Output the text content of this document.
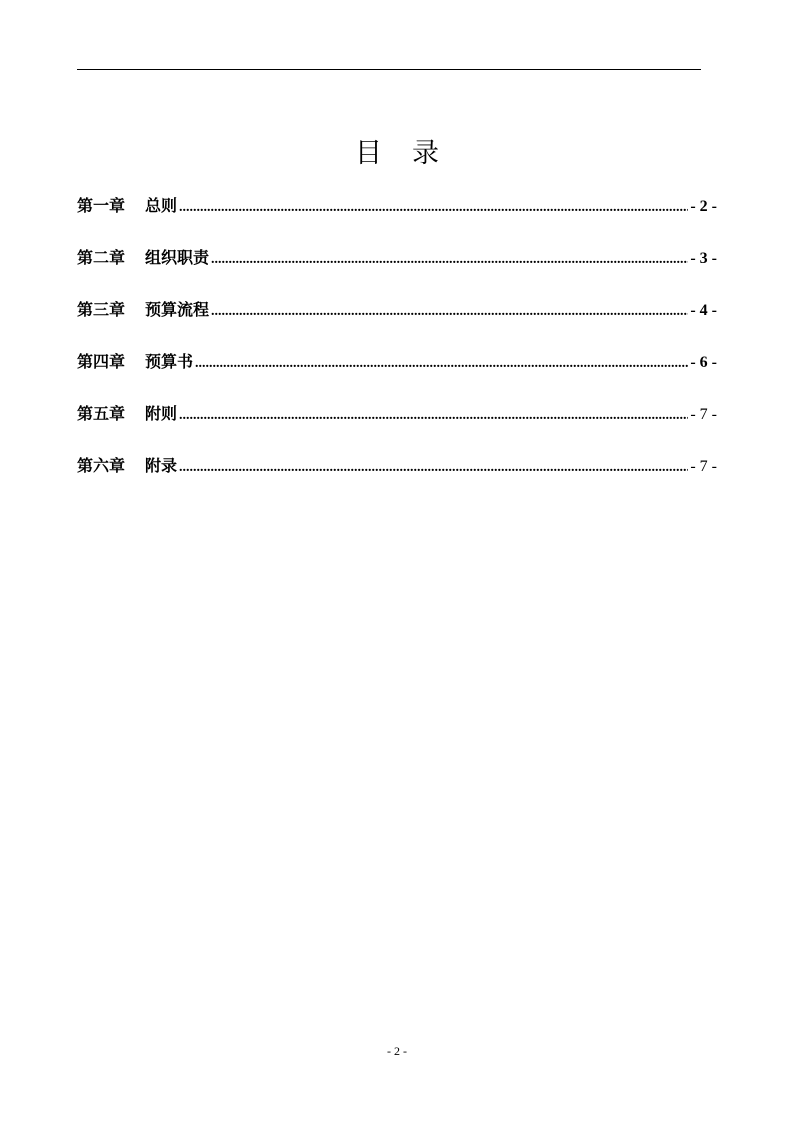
目 录
第一章 总则 .....	- 2 -
第二章 组织职责 .....	- 3 -
第三章 预算流程 .....	- 4 -
第四章 预算书 .....	- 6 -
第五章 附则 .....	- 7 -
第六章 附录 .....	- 7 -
- 2 -
